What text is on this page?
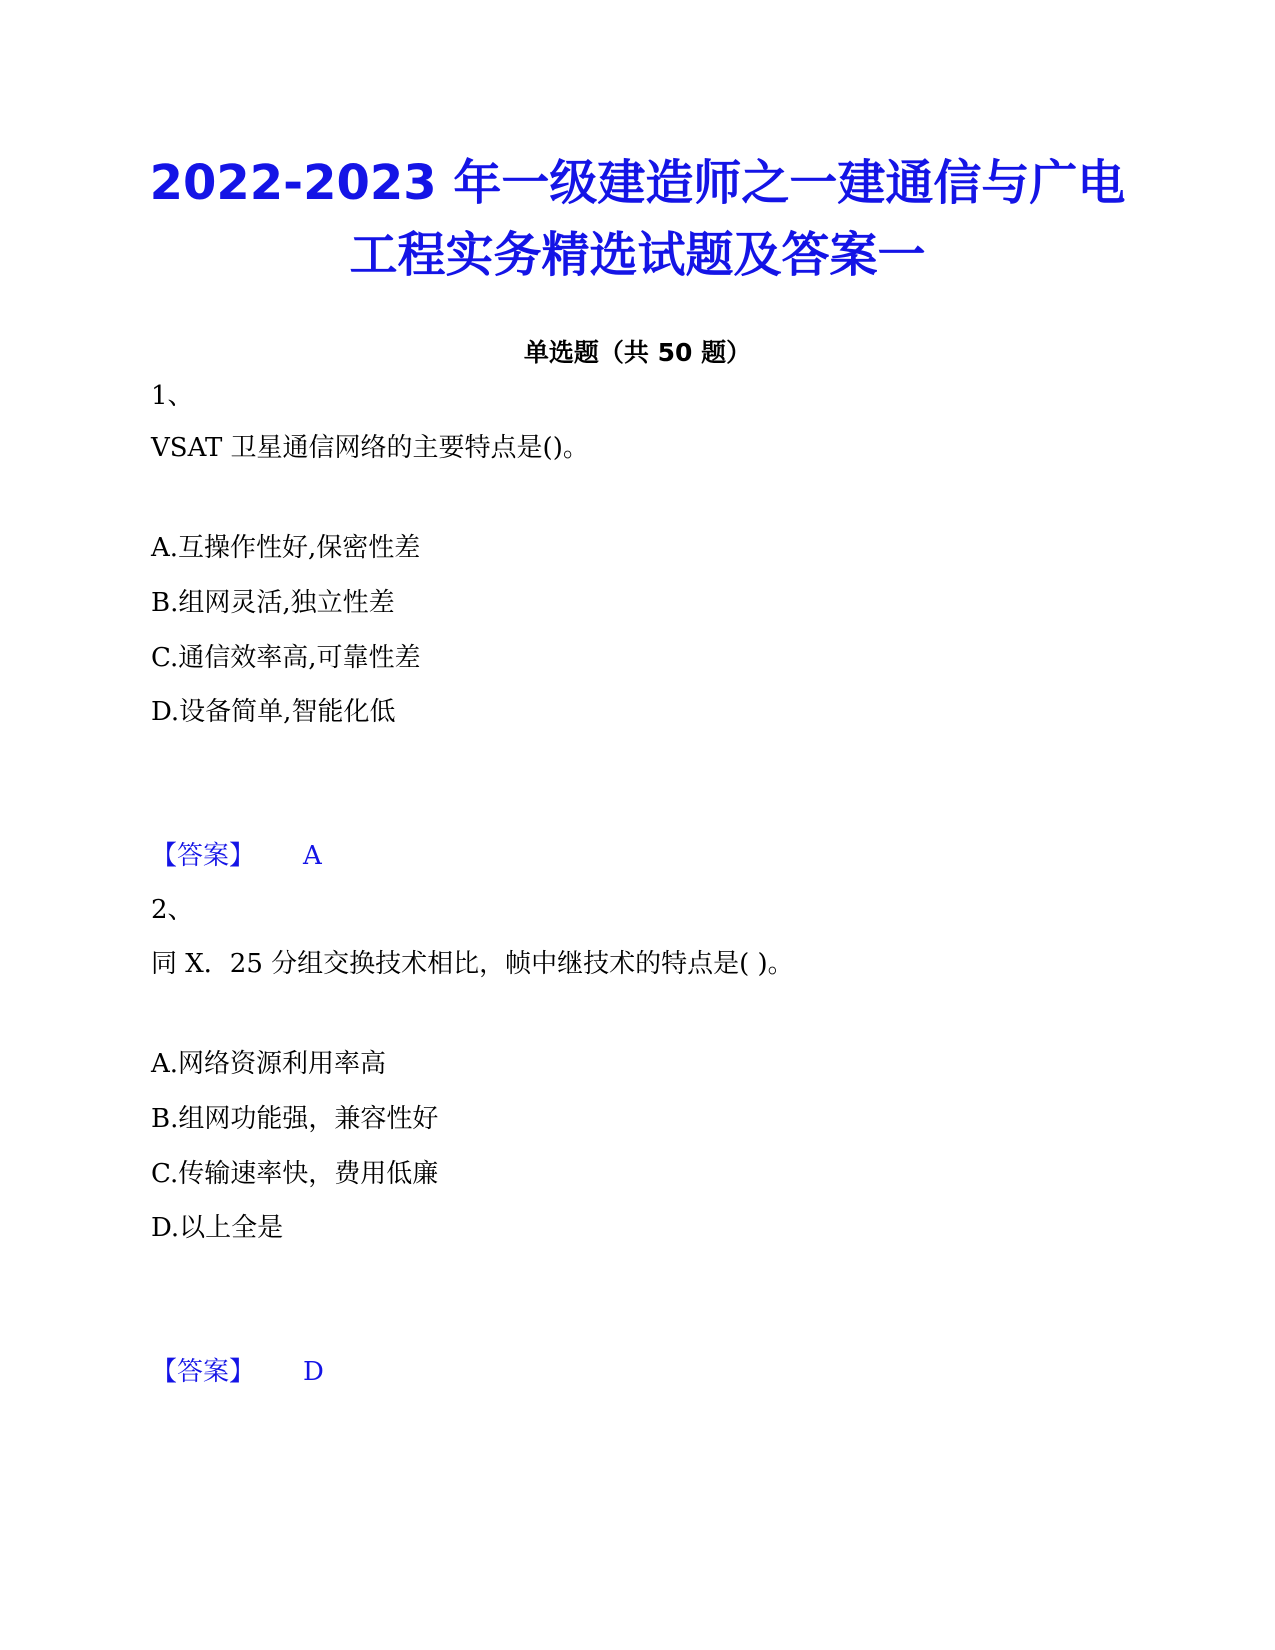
2022-2023 年一级建造师之一建通信与广电
工程实务精选试题及答案一
单选题（共 50 题）
1、
VSAT 卫星通信网络的主要特点是()。
A.互操作性好,保密性差
B.组网灵活,独立性差
C.通信效率高,可靠性差
D.设备简单,智能化低
【答案】 A
2、
同 X．25 分组交换技术相比，帧中继技术的特点是( )。
A.网络资源利用率高
B.组网功能强，兼容性好
C.传输速率快，费用低廉
D.以上全是
【答案】 D
